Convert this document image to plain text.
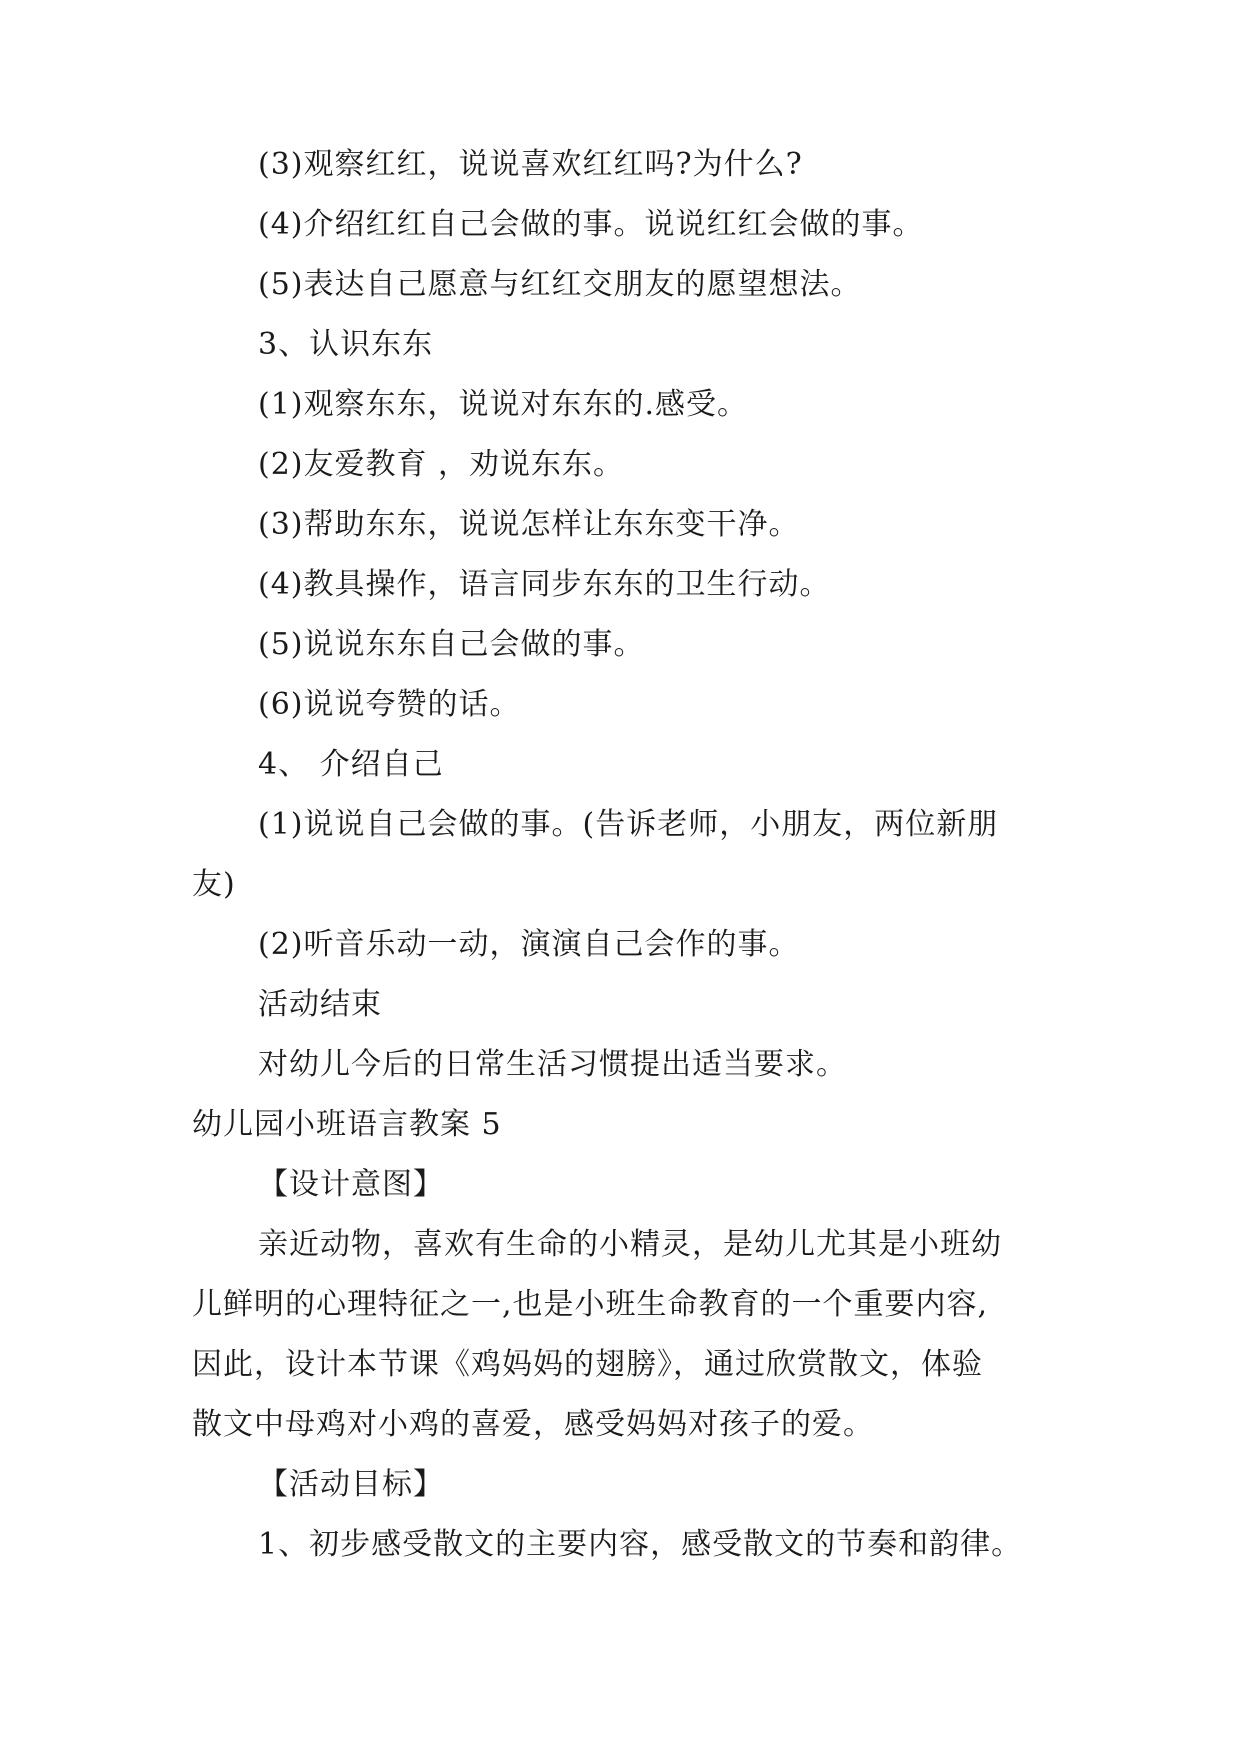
(3)观察红红，说说喜欢红红吗?为什么?
(4)介绍红红自己会做的事。说说红红会做的事。
(5)表达自己愿意与红红交朋友的愿望想法。
3、认识东东
(1)观察东东，说说对东东的.感受。
(2)友爱教育 ，劝说东东。
(3)帮助东东，说说怎样让东东变干净。
(4)教具操作，语言同步东东的卫生行动。
(5)说说东东自己会做的事。
(6)说说夸赞的话。
4、 介绍自己
(1)说说自己会做的事。(告诉老师，小朋友，两位新朋
友)
(2)听音乐动一动，演演自己会作的事。
活动结束
对幼儿今后的日常生活习惯提出适当要求。
幼儿园小班语言教案 5
【设计意图】
亲近动物，喜欢有生命的小精灵，是幼儿尤其是小班幼
儿鲜明的心理特征之一,也是小班生命教育的一个重要内容,
因此，设计本节课《鸡妈妈的翅膀》，通过欣赏散文，体验
散文中母鸡对小鸡的喜爱，感受妈妈对孩子的爱。
【活动目标】
1、初步感受散文的主要内容，感受散文的节奏和韵律。
